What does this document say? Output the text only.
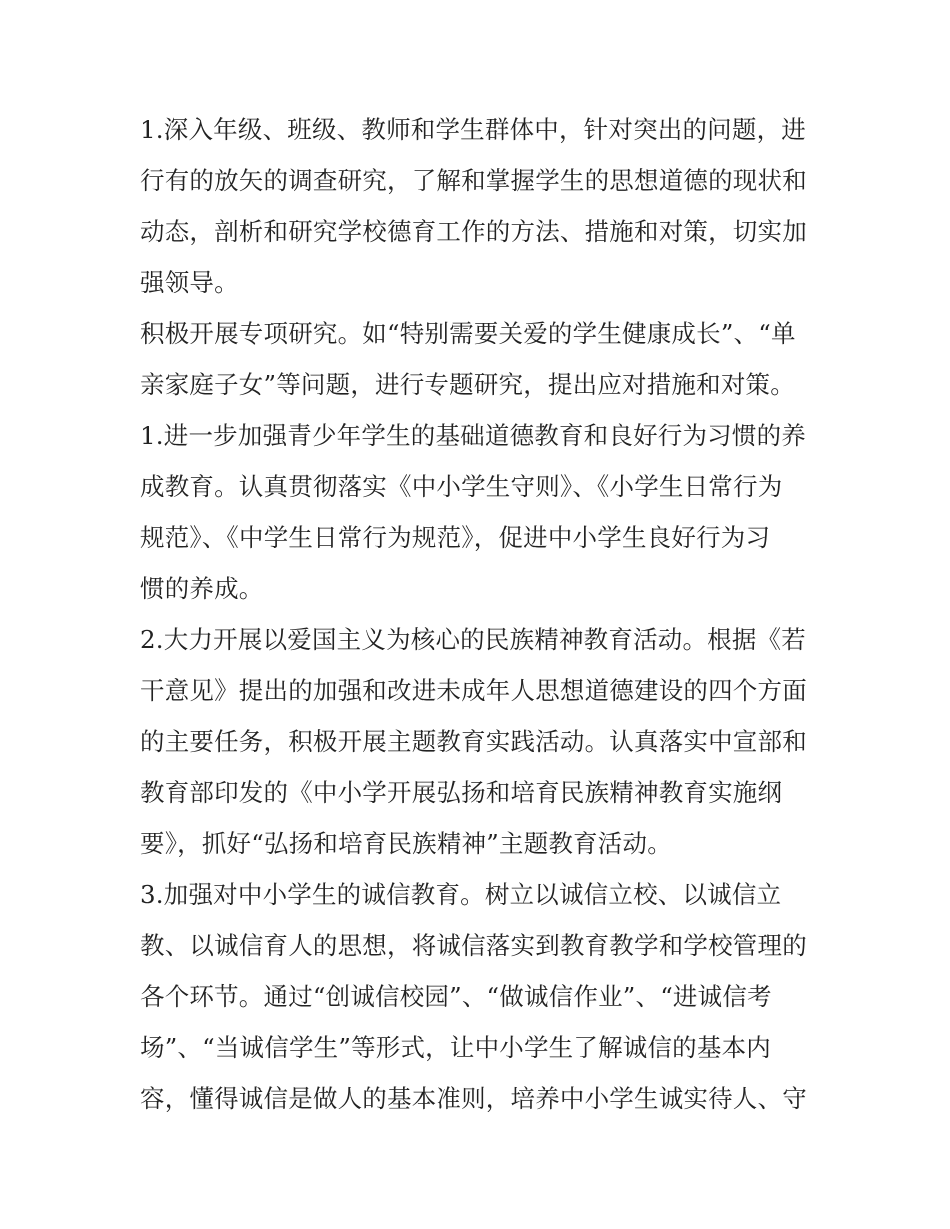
1.深入年级、班级、教师和学生群体中，针对突出的问题，进
行有的放矢的调查研究，了解和掌握学生的思想道德的现状和
动态，剖析和研究学校德育工作的方法、措施和对策，切实加
强领导。
积极开展专项研究。如“特别需要关爱的学生健康成长”、“单
亲家庭子女”等问题，进行专题研究，提出应对措施和对策。
1.进一步加强青少年学生的基础道德教育和良好行为习惯的养
成教育。认真贯彻落实《中小学生守则》、《小学生日常行为
规范》、《中学生日常行为规范》，促进中小学生良好行为习
惯的养成。
2.大力开展以爱国主义为核心的民族精神教育活动。根据《若
干意见》提出的加强和改进未成年人思想道德建设的四个方面
的主要任务，积极开展主题教育实践活动。认真落实中宣部和
教育部印发的《中小学开展弘扬和培育民族精神教育实施纲
要》，抓好“弘扬和培育民族精神”主题教育活动。
3.加强对中小学生的诚信教育。树立以诚信立校、以诚信立
教、以诚信育人的思想，将诚信落实到教育教学和学校管理的
各个环节。通过“创诚信校园”、“做诚信作业”、“进诚信考
场”、“当诚信学生”等形式，让中小学生了解诚信的基本内
容，懂得诚信是做人的基本准则，培养中小学生诚实待人、守
